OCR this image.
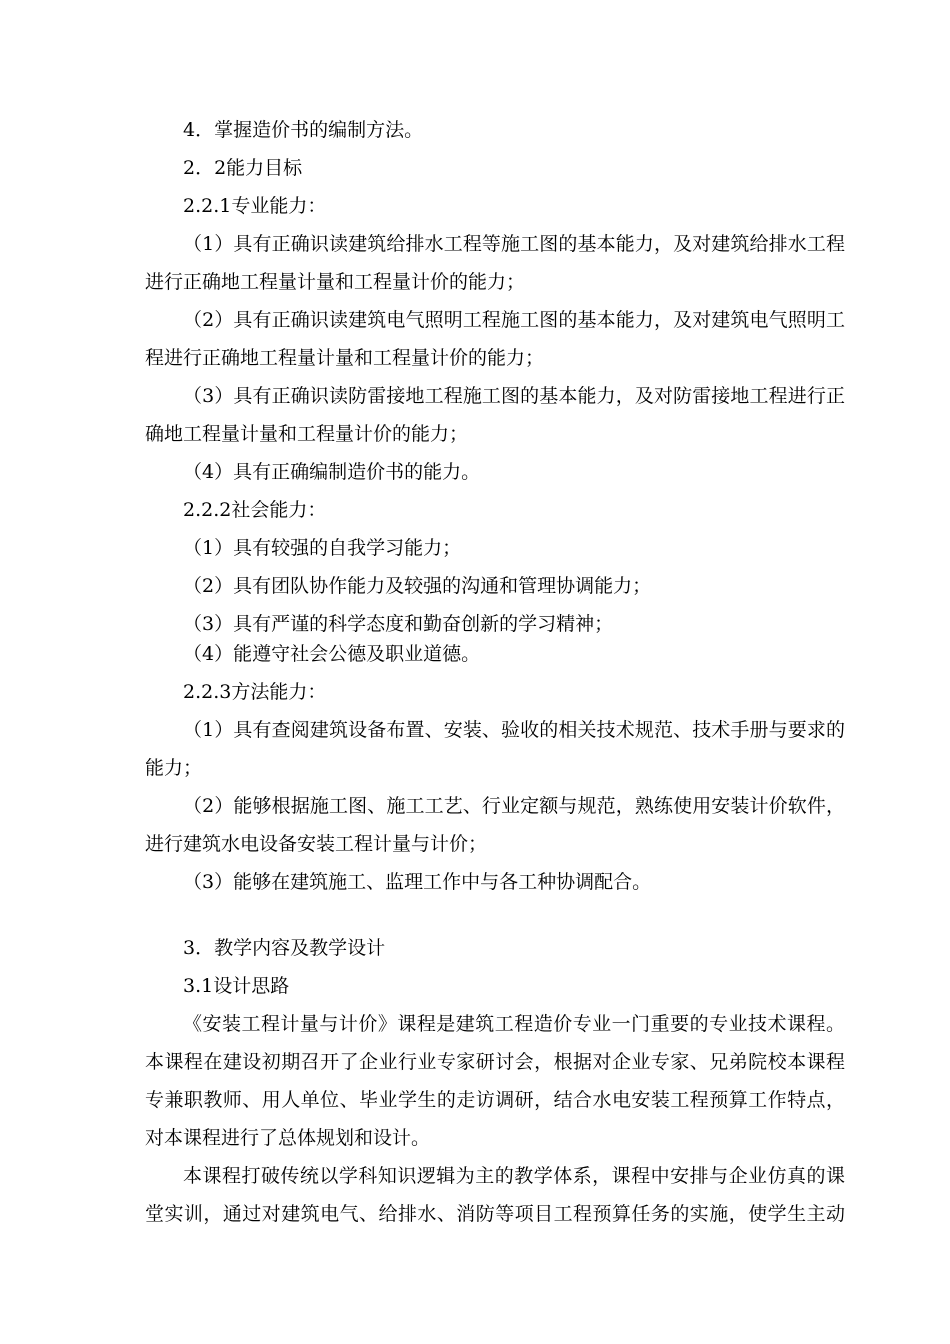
4．掌握造价书的编制方法。

2．2能力目标

2.2.1专业能力：

（1）具有正确识读建筑给排水工程等施工图的基本能力，及对建筑给排水工程

进行正确地工程量计量和工程量计价的能力；

（2）具有正确识读建筑电气照明工程施工图的基本能力，及对建筑电气照明工

程进行正确地工程量计量和工程量计价的能力；

（3）具有正确识读防雷接地工程施工图的基本能力，及对防雷接地工程进行正

确地工程量计量和工程量计价的能力；

（4）具有正确编制造价书的能力。

2.2.2社会能力：

（1）具有较强的自我学习能力；

（2）具有团队协作能力及较强的沟通和管理协调能力；

（3）具有严谨的科学态度和勤奋创新的学习精神；

（4）能遵守社会公德及职业道德。

2.2.3方法能力：

（1）具有查阅建筑设备布置、安装、验收的相关技术规范、技术手册与要求的

能力；

（2）能够根据施工图、施工工艺、行业定额与规范，熟练使用安装计价软件，

进行建筑水电设备安装工程计量与计价；

（3）能够在建筑施工、监理工作中与各工种协调配合。

3．教学内容及教学设计

3.1设计思路

《安装工程计量与计价》课程是建筑工程造价专业一门重要的专业技术课程。

本课程在建设初期召开了企业行业专家研讨会，根据对企业专家、兄弟院校本课程

专兼职教师、用人单位、毕业学生的走访调研，结合水电安装工程预算工作特点，

对本课程进行了总体规划和设计。

本课程打破传统以学科知识逻辑为主的教学体系，课程中安排与企业仿真的课

堂实训，通过对建筑电气、给排水、消防等项目工程预算任务的实施，使学生主动
